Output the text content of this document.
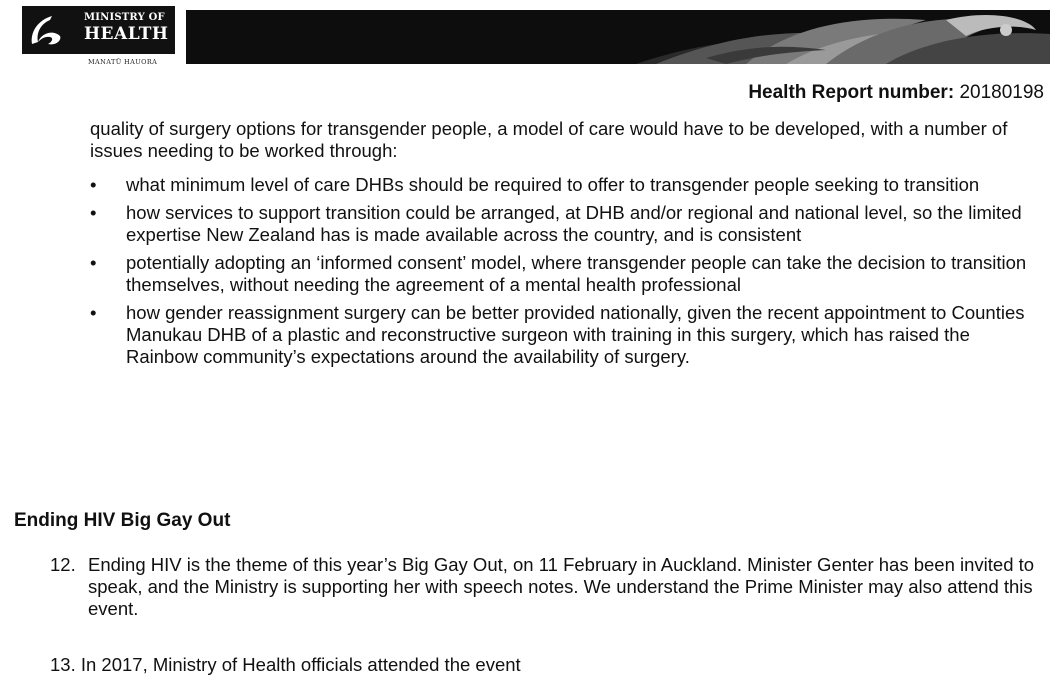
MINISTRY OF
HEALTH
MANATŪ HAUORA
Health Report number: 20180198

quality of surgery options for transgender people, a model of care would have to be developed, with a number of issues needing to be worked through:

• what minimum level of care DHBs should be required to offer to transgender people seeking to transition
• how services to support transition could be arranged, at DHB and/or regional and national level, so the limited expertise New Zealand has is made available across the country, and is consistent
• potentially adopting an ‘informed consent’ model, where transgender people can take the decision to transition themselves, without needing the agreement of a mental health professional
• how gender reassignment surgery can be better provided nationally, given the recent appointment to Counties Manukau DHB of a plastic and reconstructive surgeon with training in this surgery, which has raised the Rainbow community’s expectations around the availability of surgery.
Ending HIV Big Gay Out

12. Ending HIV is the theme of this year’s Big Gay Out, on 11 February in Auckland. Minister Genter has been invited to speak, and the Ministry is supporting her with speech notes. We understand the Prime Minister may also attend this event.

13. In 2017, Ministry of Health officials attended the event
